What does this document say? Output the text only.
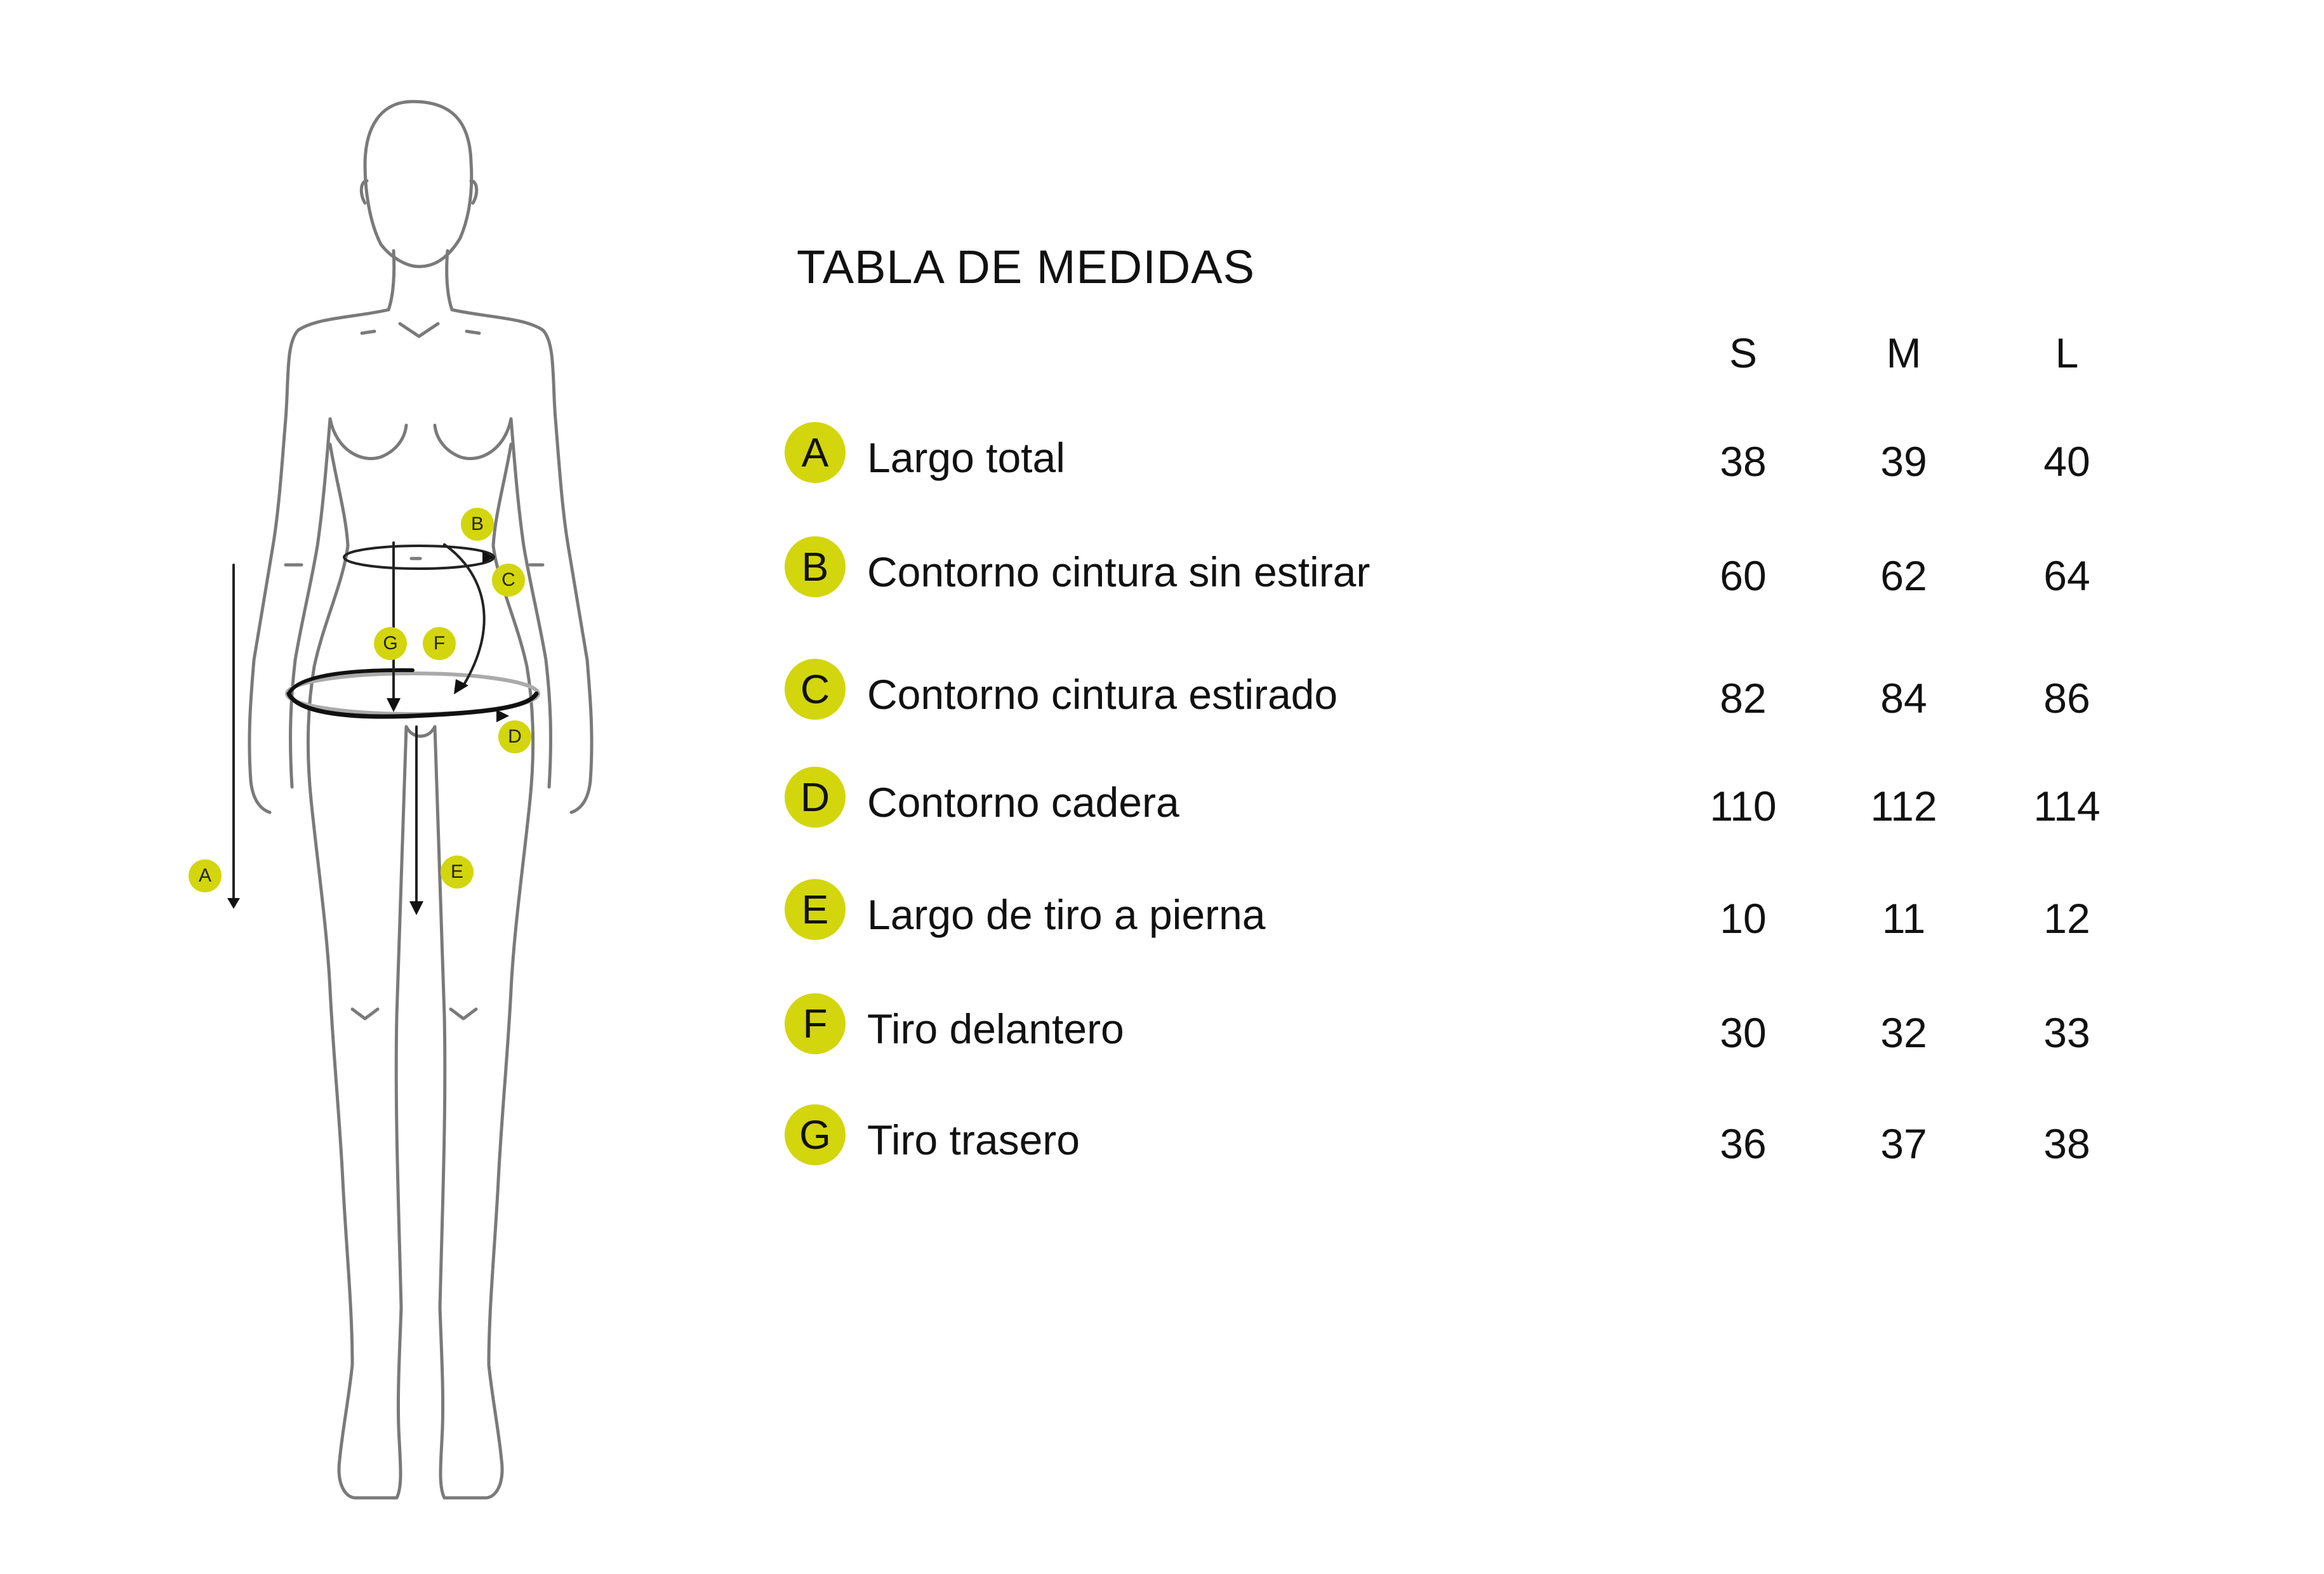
A
B
C
D
E
F
G
TABLA DE MEDIDAS
S	M	L
A Largo total	38	39	40
B Contorno cintura sin estirar	60	62	64
C Contorno cintura estirado	82	84	86
D Contorno cadera	110	112	114
E Largo de tiro a pierna	10	11	12
F Tiro delantero	30	32	33
G Tiro trasero	36	37	38
